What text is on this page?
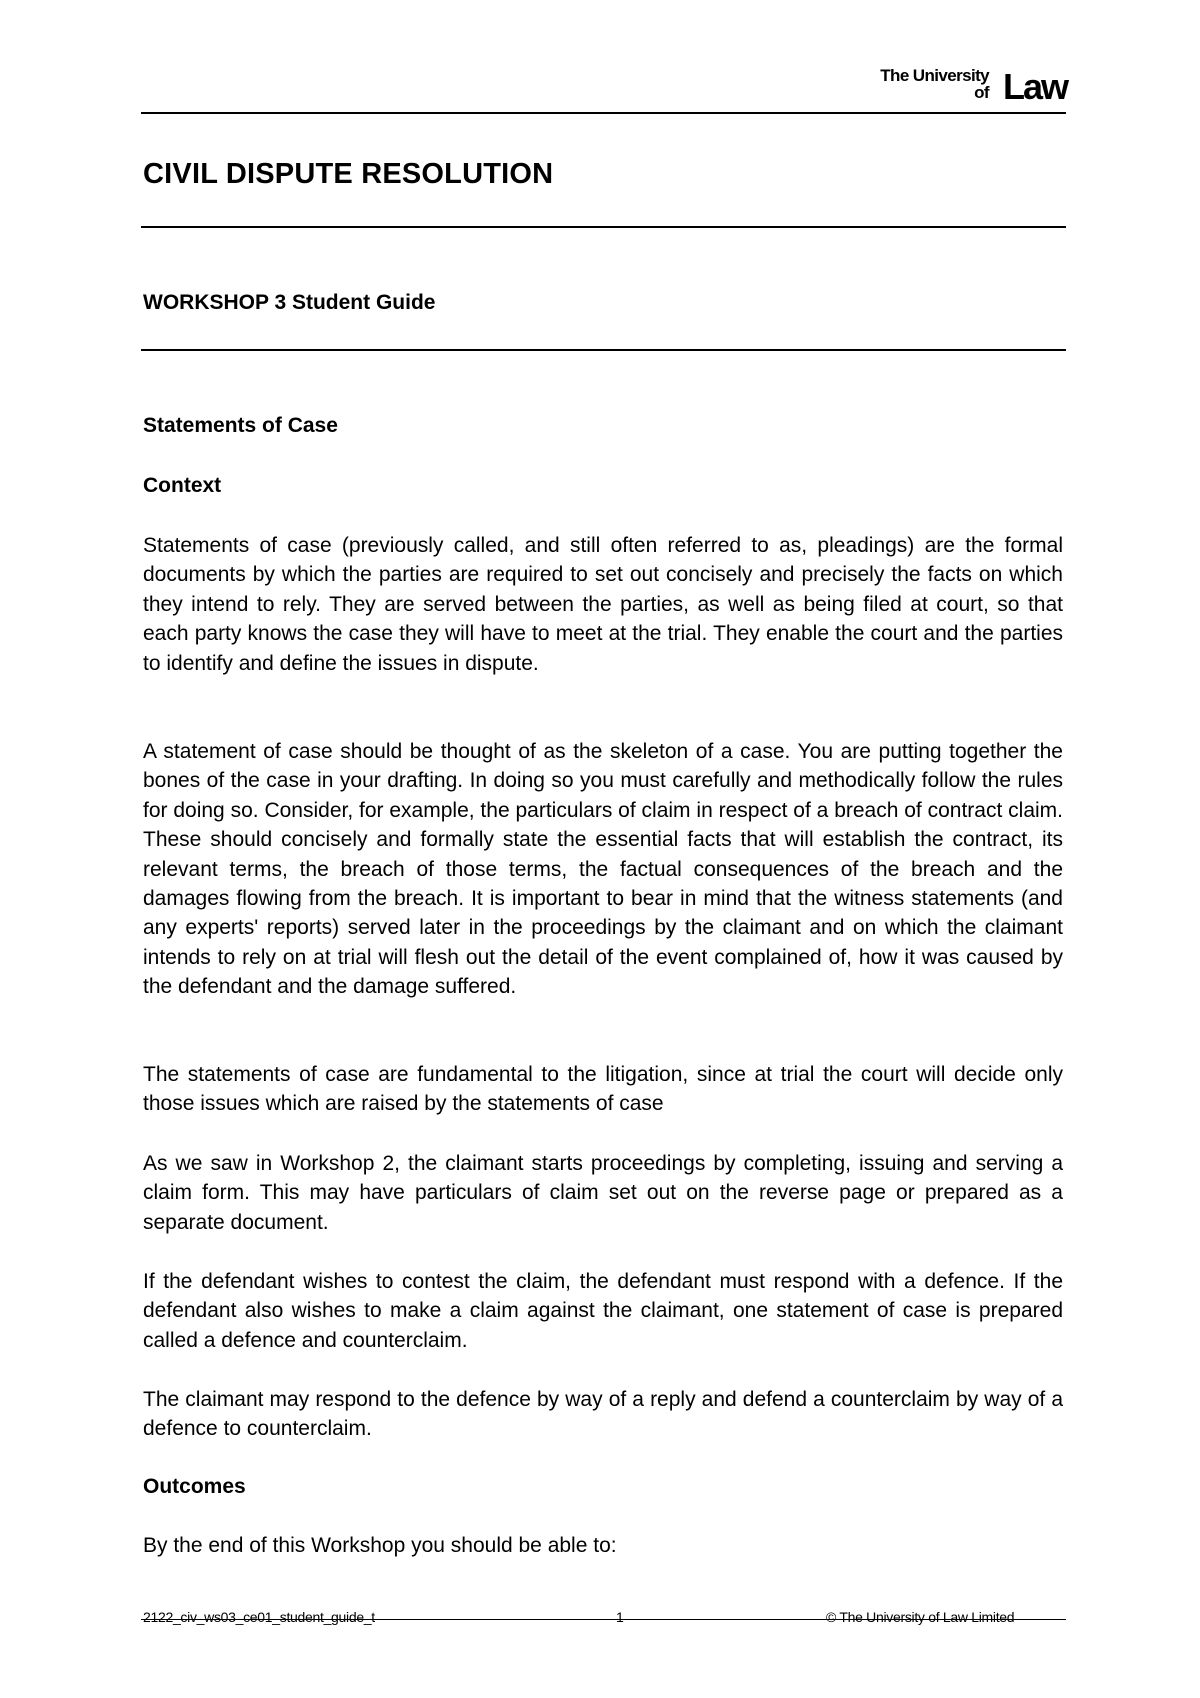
The University
of Law
CIVIL DISPUTE RESOLUTION
WORKSHOP 3 Student Guide
Statements of Case
Context
Statements of case (previously called, and still often referred to as, pleadings) are the formal documents by which the parties are required to set out concisely and precisely the facts on which they intend to rely. They are served between the parties, as well as being filed at court, so that each party knows the case they will have to meet at the trial. They enable the court and the parties to identify and define the issues in dispute.
A statement of case should be thought of as the skeleton of a case. You are putting together the bones of the case in your drafting. In doing so you must carefully and methodically follow the rules for doing so. Consider, for example, the particulars of claim in respect of a breach of contract claim. These should concisely and formally state the essential facts that will establish the contract, its relevant terms, the breach of those terms, the factual consequences of the breach and the damages flowing from the breach. It is important to bear in mind that the witness statements (and any experts' reports) served later in the proceedings by the claimant and on which the claimant intends to rely on at trial will flesh out the detail of the event complained of, how it was caused by the defendant and the damage suffered.
The statements of case are fundamental to the litigation, since at trial the court will decide only those issues which are raised by the statements of case
As we saw in Workshop 2, the claimant starts proceedings by completing, issuing and serving a claim form. This may have particulars of claim set out on the reverse page or prepared as a separate document.
If the defendant wishes to contest the claim, the defendant must respond with a defence. If the defendant also wishes to make a claim against the claimant, one statement of case is prepared called a defence and counterclaim.
The claimant may respond to the defence by way of a reply and defend a counterclaim by way of a defence to counterclaim.
Outcomes
By the end of this Workshop you should be able to:
2122_civ_ws03_ce01_student_guide_t	1	© The University of Law Limited
